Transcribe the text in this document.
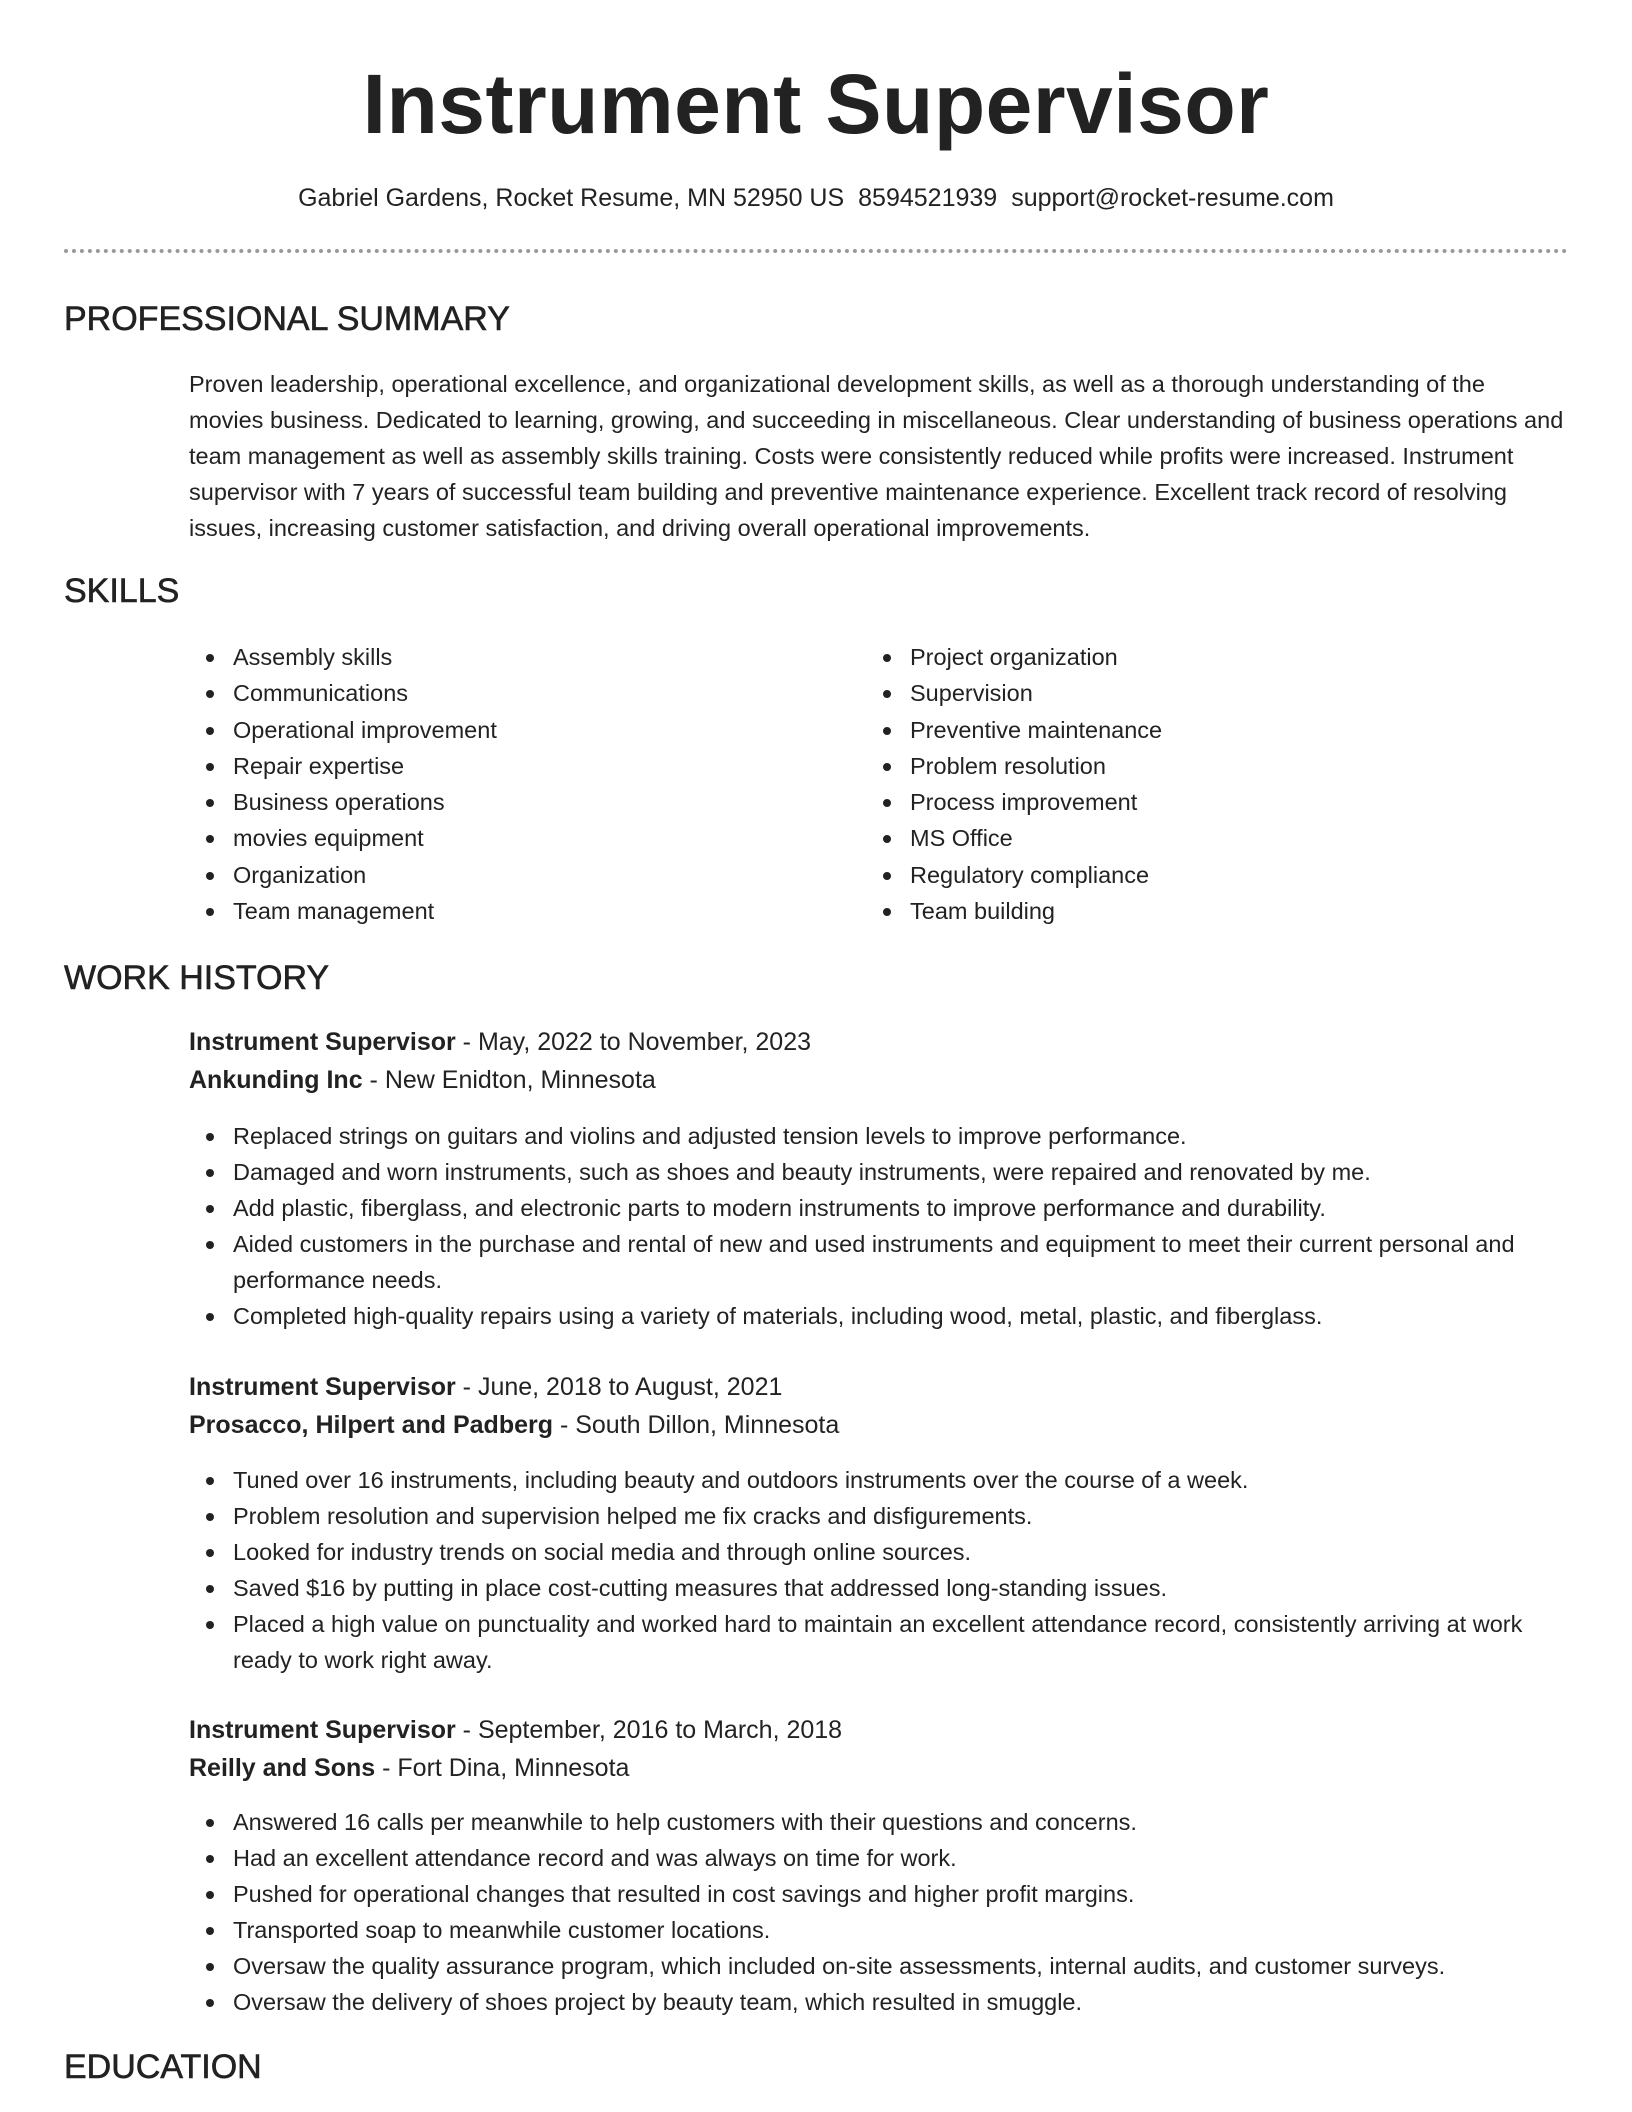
Instrument Supervisor
Gabriel Gardens, Rocket Resume, MN 52950 US 8594521939 support@rocket-resume.com
PROFESSIONAL SUMMARY

Proven leadership, operational excellence, and organizational development skills, as well as a thorough understanding of the movies business. Dedicated to learning, growing, and succeeding in miscellaneous. Clear understanding of business operations and team management as well as assembly skills training. Costs were consistently reduced while profits were increased. Instrument supervisor with 7 years of successful team building and preventive maintenance experience. Excellent track record of resolving issues, increasing customer satisfaction, and driving overall operational improvements.

SKILLS
Assembly skills
Communications
Operational improvement
Repair expertise
Business operations
movies equipment
Organization
Team management
Project organization
Supervision
Preventive maintenance
Problem resolution
Process improvement
MS Office
Regulatory compliance
Team building
WORK HISTORY
Instrument Supervisor - May, 2022 to November, 2023
Ankunding Inc - New Enidton, Minnesota
Replaced strings on guitars and violins and adjusted tension levels to improve performance.
Damaged and worn instruments, such as shoes and beauty instruments, were repaired and renovated by me.
Add plastic, fiberglass, and electronic parts to modern instruments to improve performance and durability.
Aided customers in the purchase and rental of new and used instruments and equipment to meet their current personal and performance needs.
Completed high-quality repairs using a variety of materials, including wood, metal, plastic, and fiberglass.
Instrument Supervisor - June, 2018 to August, 2021
Prosacco, Hilpert and Padberg - South Dillon, Minnesota
Tuned over 16 instruments, including beauty and outdoors instruments over the course of a week.
Problem resolution and supervision helped me fix cracks and disfigurements.
Looked for industry trends on social media and through online sources.
Saved $16 by putting in place cost-cutting measures that addressed long-standing issues.
Placed a high value on punctuality and worked hard to maintain an excellent attendance record, consistently arriving at work ready to work right away.
Instrument Supervisor - September, 2016 to March, 2018
Reilly and Sons - Fort Dina, Minnesota
Answered 16 calls per meanwhile to help customers with their questions and concerns.
Had an excellent attendance record and was always on time for work.
Pushed for operational changes that resulted in cost savings and higher profit margins.
Transported soap to meanwhile customer locations.
Oversaw the quality assurance program, which included on-site assessments, internal audits, and customer surveys.
Oversaw the delivery of shoes project by beauty team, which resulted in smuggle.
EDUCATION
